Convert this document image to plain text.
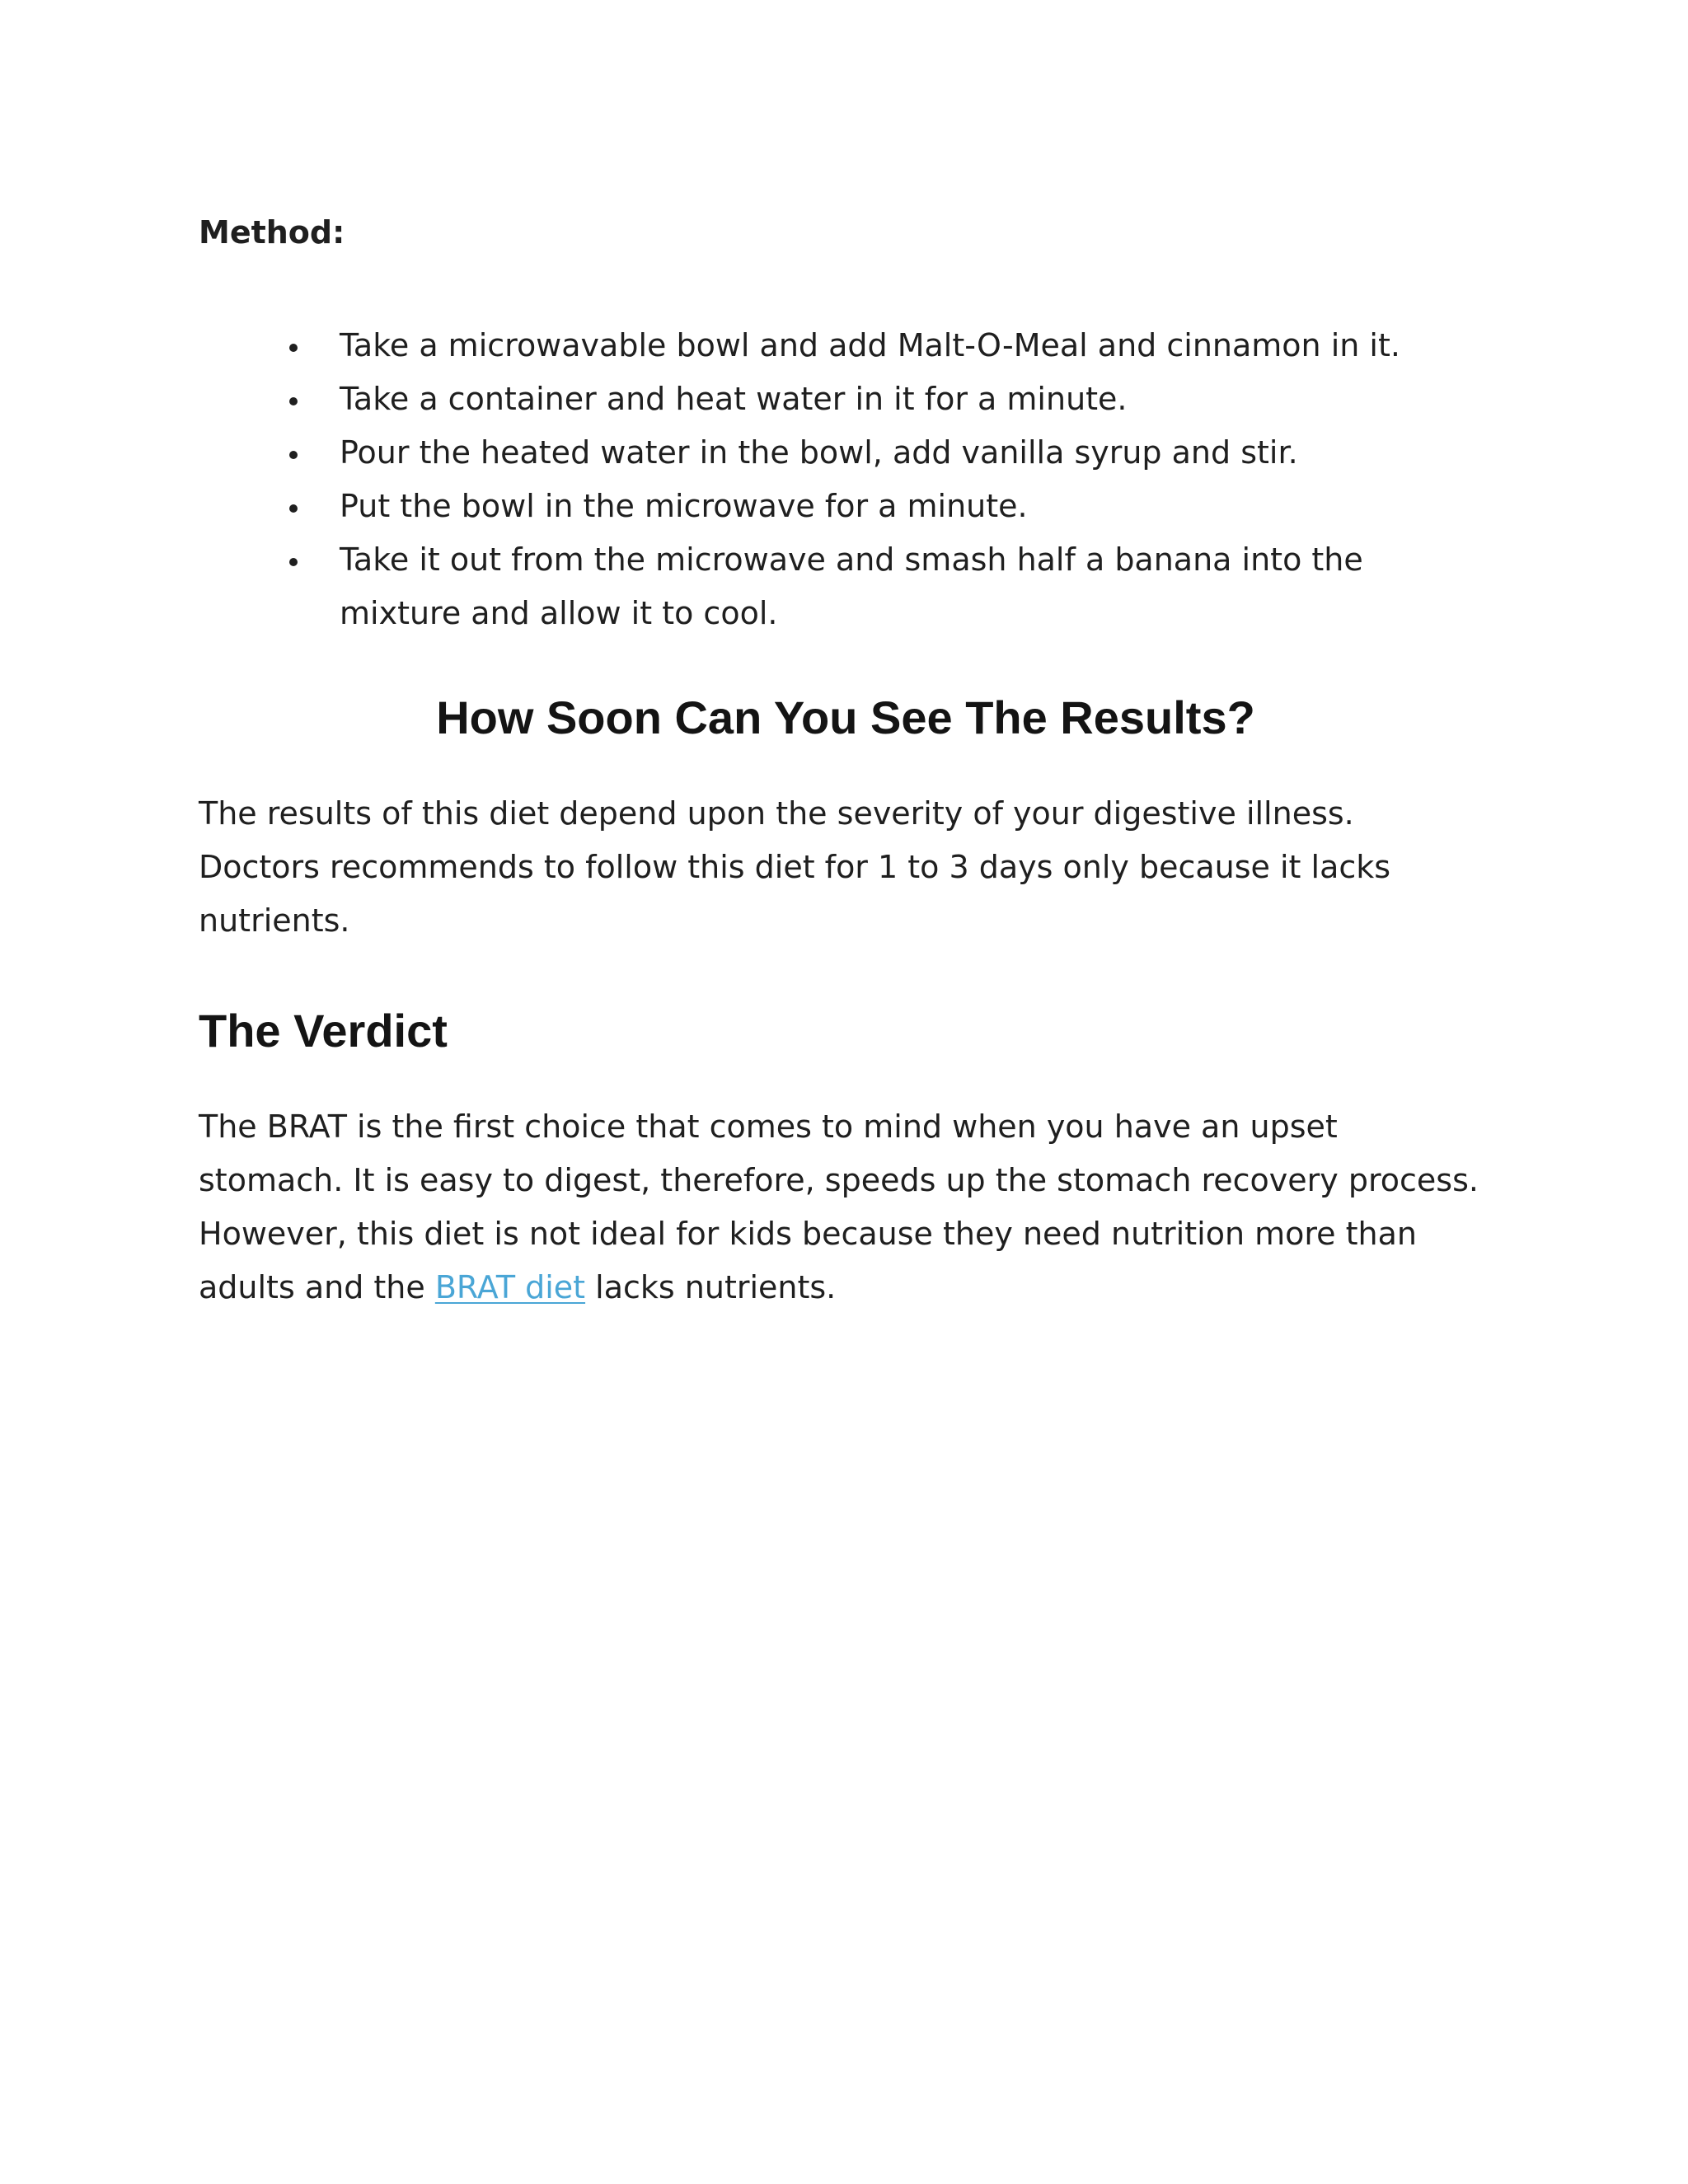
Method:

Take a microwavable bowl and add Malt-O-Meal and cinnamon in it.
Take a container and heat water in it for a minute.
Pour the heated water in the bowl, add vanilla syrup and stir.
Put the bowl in the microwave for a minute.
Take it out from the microwave and smash half a banana into the mixture and allow it to cool.
How Soon Can You See The Results?

The results of this diet depend upon the severity of your digestive illness. Doctors recommends to follow this diet for 1 to 3 days only because it lacks nutrients.

The Verdict

The BRAT is the first choice that comes to mind when you have an upset stomach. It is easy to digest, therefore, speeds up the stomach recovery process. However, this diet is not ideal for kids because they need nutrition more than adults and the BRAT diet lacks nutrients.
